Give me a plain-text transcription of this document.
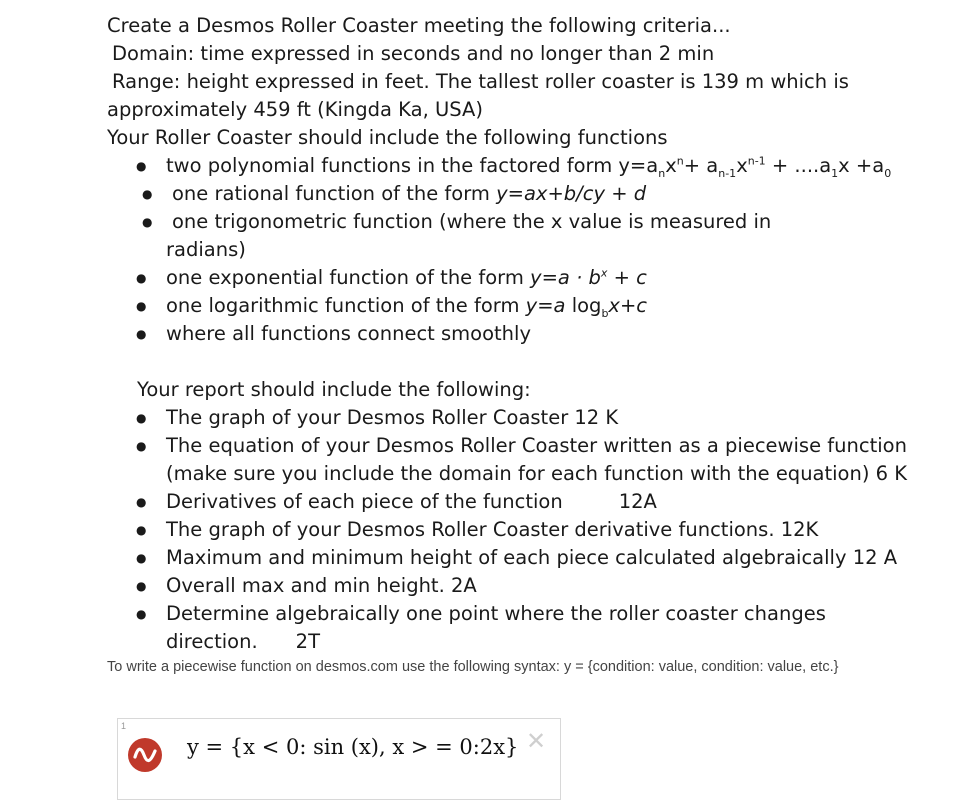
Create a Desmos Roller Coaster meeting the following criteria...
Domain: time expressed in seconds and no longer than 2 min
Range: height expressed in feet. The tallest roller coaster is 139 m which is
approximately 459 ft (Kingda Ka, USA)
Your Roller Coaster should include the following functions
● two polynomial functions in the factored form $y=a_nx^n+ a_{n-1}x^{n-1} + ....a_1x +a_0$
● one rational function of the form y=ax+b/cy + d
● one trigonometric function (where the x value is measured in
radians)
● one exponential function of the form $y=a \cdot b^x + c$
● one logarithmic function of the form y=a $\log_bx+c$
● where all functions connect smoothly
Your report should include the following:
● The graph of your Desmos Roller Coaster 12 K
● The equation of your Desmos Roller Coaster written as a piecewise function
(make sure you include the domain for each function with the equation) 6 K
● Derivatives of each piece of the function	12A
● The graph of your Desmos Roller Coaster derivative functions. 12K
● Maximum and minimum height of each piece calculated algebraically 12 A
● Overall max and min height. 2A
● Determine algebraically one point where the roller coaster changes
direction. 2T
To write a piecewise function on desmos.com use the following syntax: y = {condition: value, condition: value, etc.}
1
y = {x < 0: sin (x), x > = 0:2x} ✕
